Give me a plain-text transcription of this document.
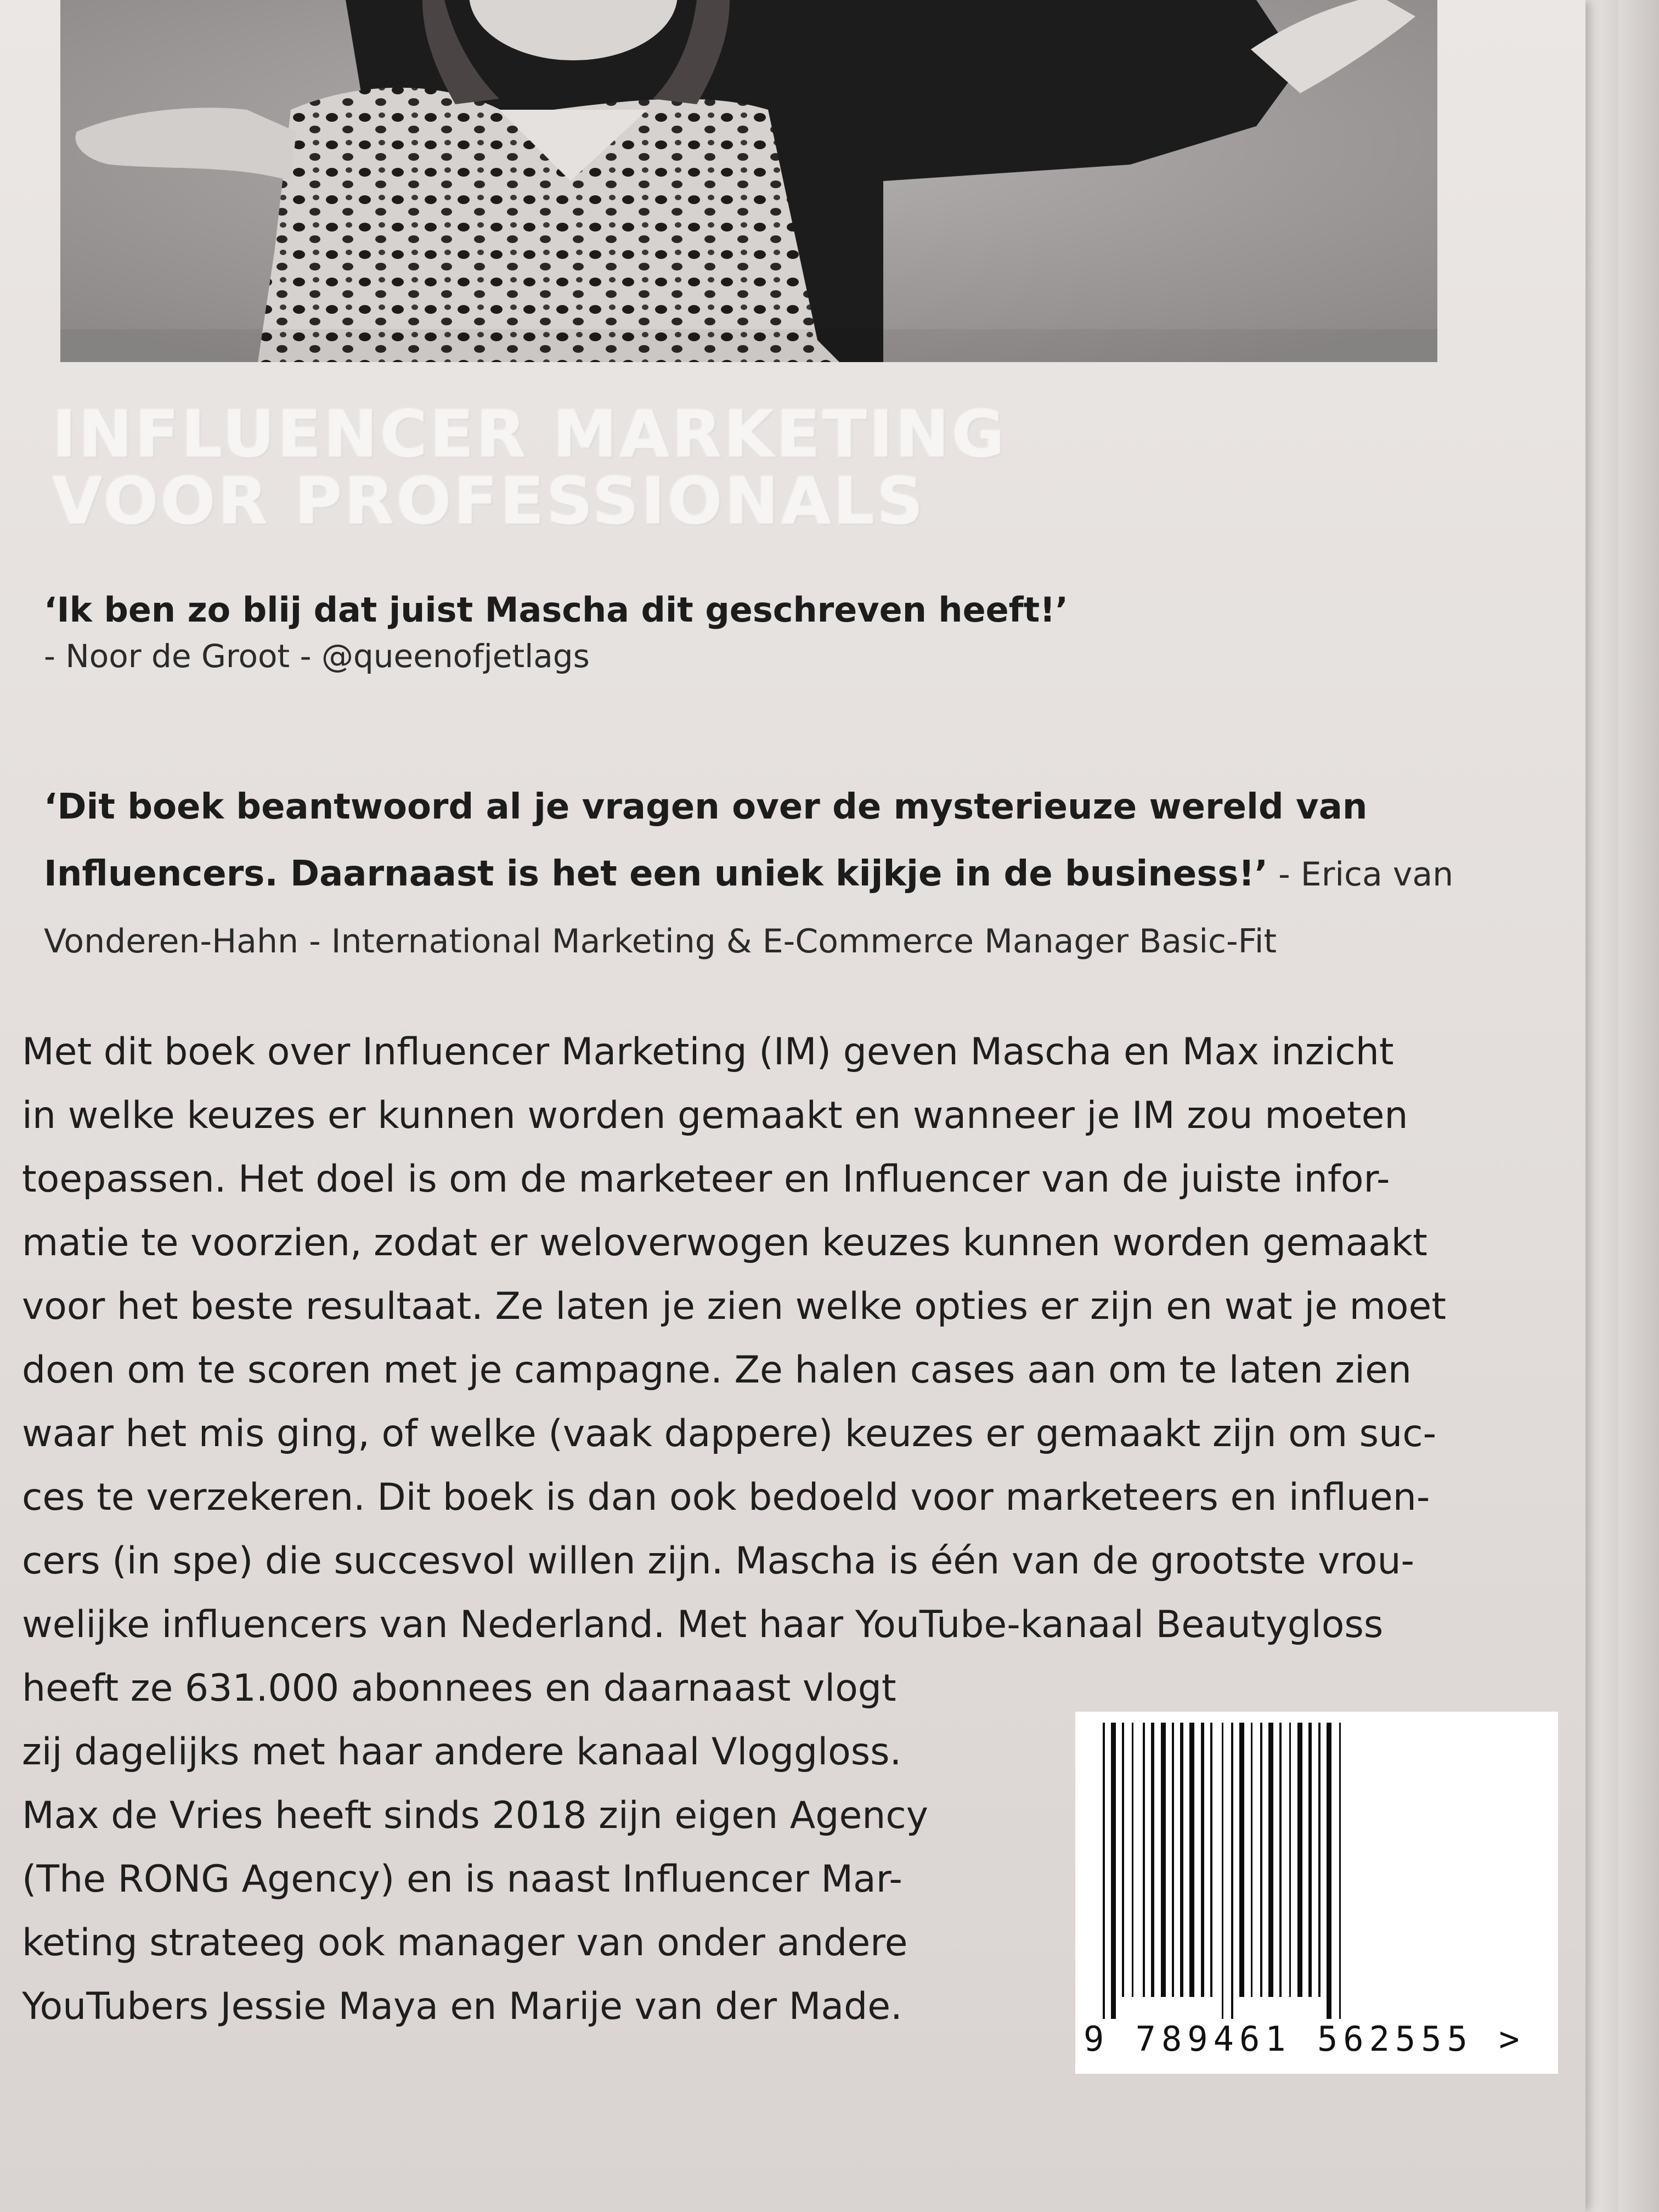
INFLUENCER MARKETING
VOOR PROFESSIONALS
‘Ik ben zo blij dat juist Mascha dit geschreven heeft!’
- Noor de Groot - @queenofjetlags
‘Dit boek beantwoord al je vragen over de mysterieuze wereld van Influencers. Daarnaast is het een uniek kijkje in de business!’ - Erica van Vonderen-Hahn - International Marketing & E-Commerce Manager Basic-Fit
Met dit boek over Influencer Marketing (IM) geven Mascha en Max inzicht
in welke keuzes er kunnen worden gemaakt en wanneer je IM zou moeten
toepassen. Het doel is om de marketeer en Influencer van de juiste infor-
matie te voorzien, zodat er weloverwogen keuzes kunnen worden gemaakt
voor het beste resultaat. Ze laten je zien welke opties er zijn en wat je moet
doen om te scoren met je campagne. Ze halen cases aan om te laten zien
waar het mis ging, of welke (vaak dappere) keuzes er gemaakt zijn om suc-
ces te verzekeren. Dit boek is dan ook bedoeld voor marketeers en influen-
cers (in spe) die succesvol willen zijn. Mascha is één van de grootste vrou-
welijke influencers van Nederland. Met haar YouTube-kanaal Beautygloss
heeft ze 631.000 abonnees en daarnaast vlogt
zij dagelijks met haar andere kanaal Vloggloss.
Max de Vries heeft sinds 2018 zijn eigen Agency
(The RONG Agency) en is naast Influencer Mar-
keting strateeg ook manager van onder andere
YouTubers Jessie Maya en Marije van der Made.
9 789461 562555 >
